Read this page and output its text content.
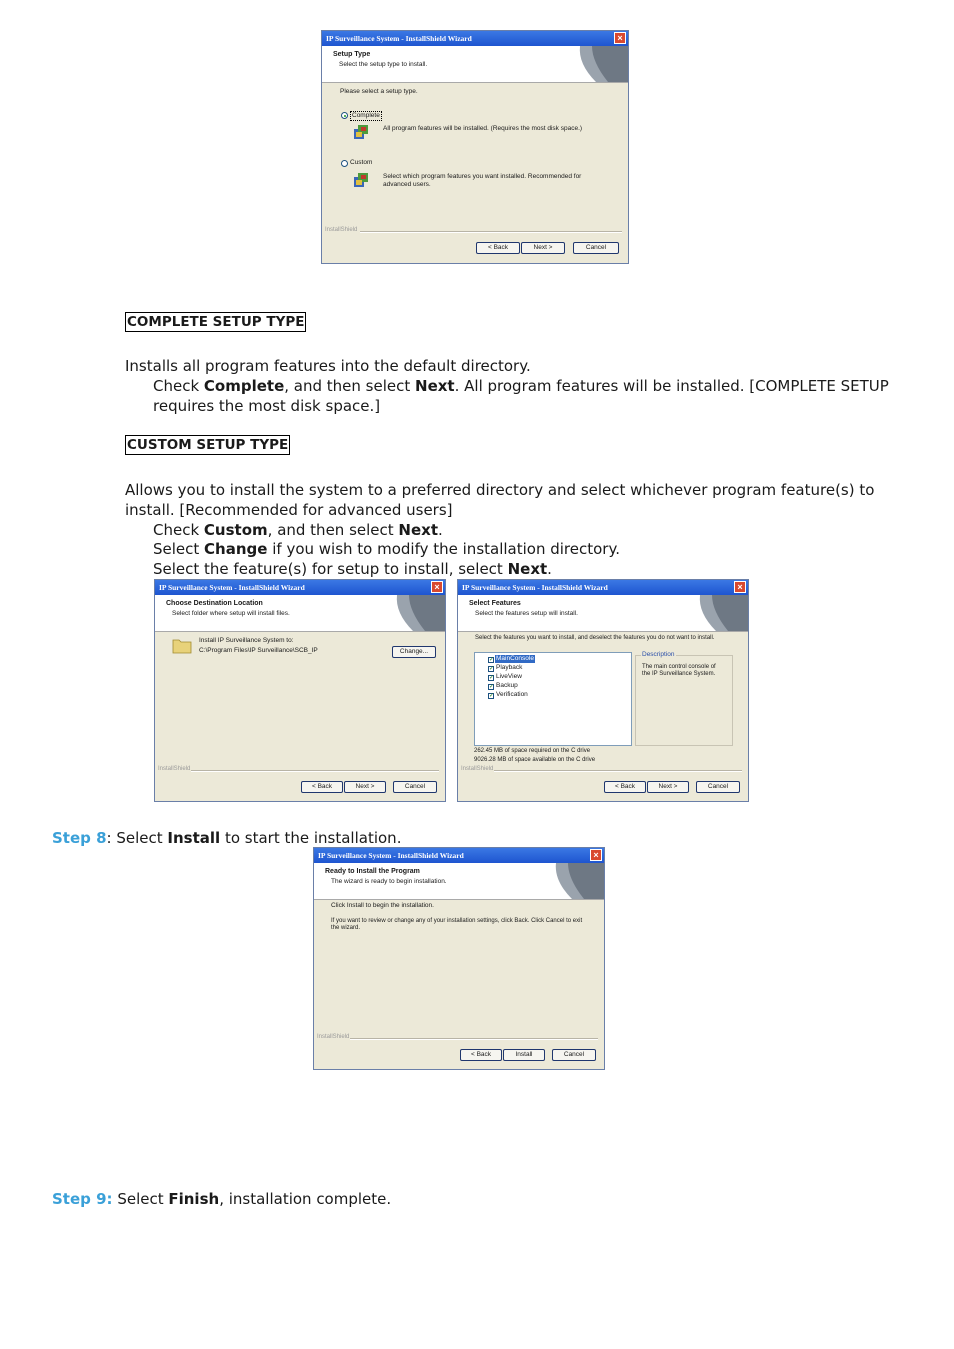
IP Surveillance System - InstallShield Wizard	×
Setup Type
Select the setup type to install.
Please select a setup type.
Complete
All program features will be installed. (Requires the most disk space.)
Custom
Select which program features you want installed. Recommended for
advanced users.
InstallShield
< Back	Next >	Cancel
COMPLETE SETUP TYPE
Installs all program features into the default directory.
Check Complete, and then select Next. All program features will be installed. [COMPLETE SETUP
requires the most disk space.]
CUSTOM SETUP TYPE
Allows you to install the system to a preferred directory and select whichever program feature(s) to
install. [Recommended for advanced users]
Check Custom, and then select Next.
Select Change if you wish to modify the installation directory.
Select the feature(s) for setup to install, select Next.
IP Surveillance System - InstallShield Wizard	×
Choose Destination Location
Select folder where setup will install files.
Install IP Surveillance System to:
C:\Program Files\IP Surveillance\SCB_IP	Change...
InstallShield
< Back	Next >	Cancel
IP Surveillance System - InstallShield Wizard	×
Select Features
Select the features setup will install.
Select the features you want to install, and deselect the features you do not want to install.
✓ MainConsole
✓ Playback
✓ LiveView
✓ Backup
✓ Verification
Description
The main control console of
the IP Surveillance System.
262.45 MB of space required on the C drive
9026.28 MB of space available on the C drive
InstallShield
< Back	Next >	Cancel
Step 8: Select Install to start the installation.
IP Surveillance System - InstallShield Wizard	×
Ready to Install the Program
The wizard is ready to begin installation.
Click Install to begin the installation.
If you want to review or change any of your installation settings, click Back. Click Cancel to exit
the wizard.
InstallShield
< Back	Install	Cancel
Step 9: Select Finish, installation complete.
